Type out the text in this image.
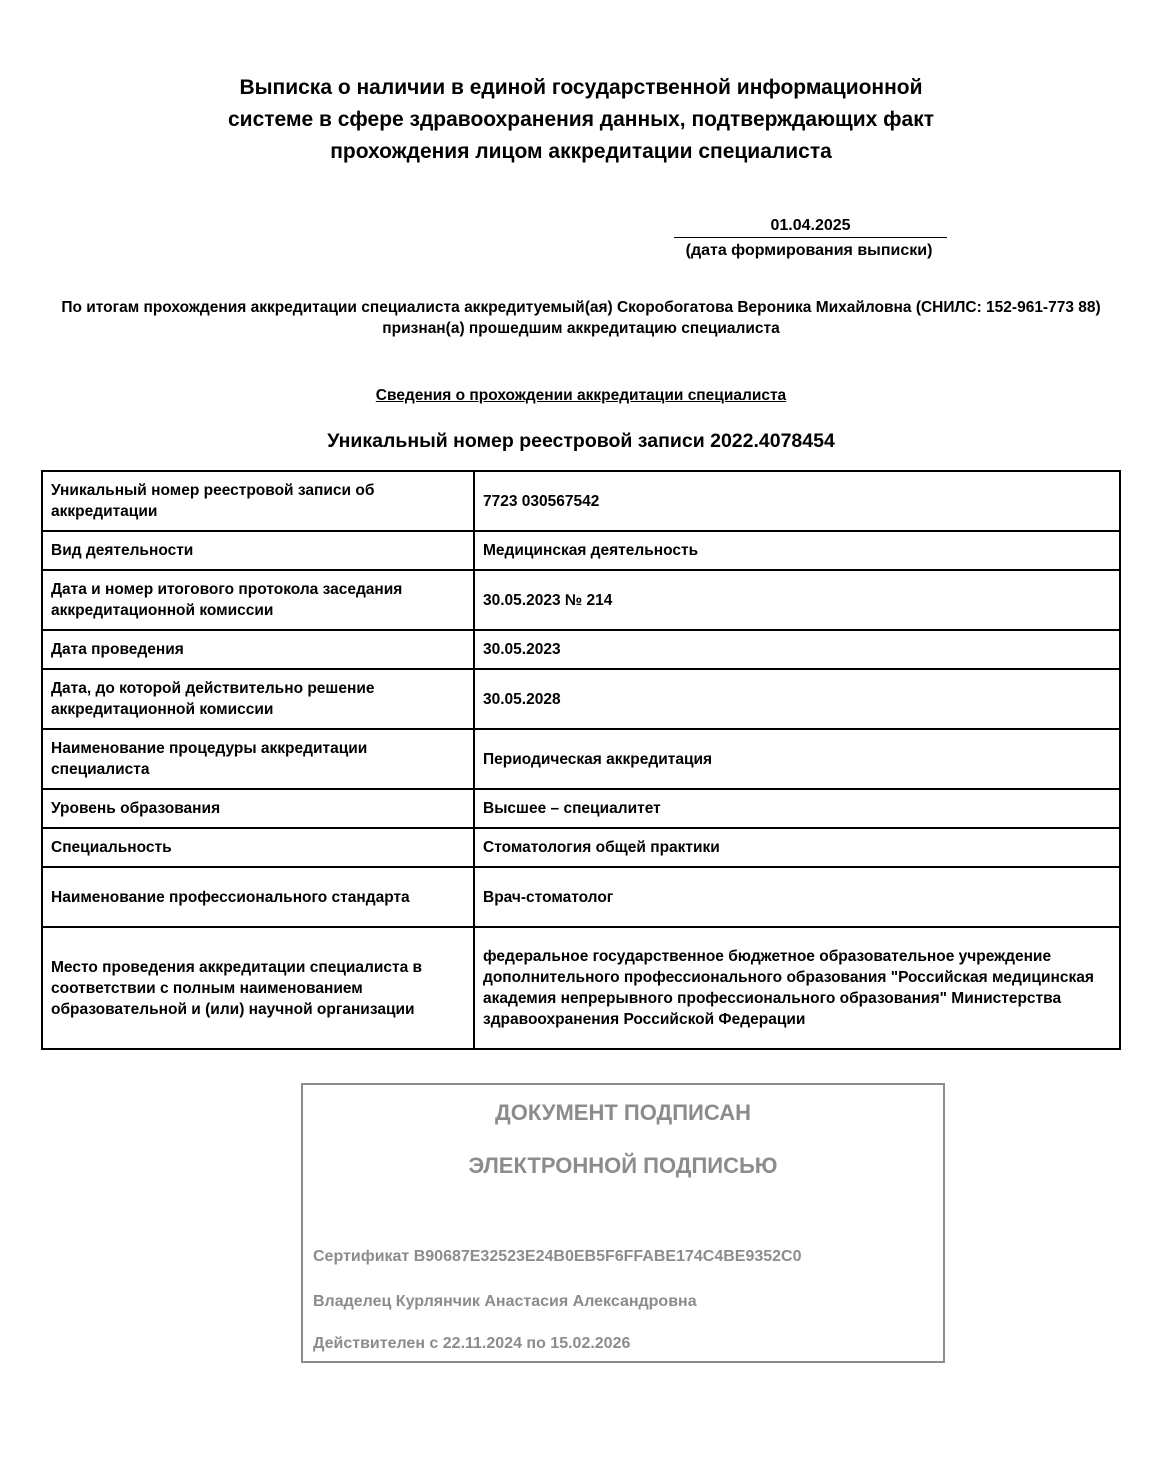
Выписка о наличии в единой государственной информационной
системе в сфере здравоохранения данных, подтверждающих факт
прохождения лицом аккредитации специалиста
01.04.2025
(дата формирования выписки)

По итогам прохождения аккредитации специалиста аккредитуемый(ая) Скоробогатова Вероника Михайловна (СНИЛС: 152-961-773 88) признан(а) прошедшим аккредитацию специалиста

Сведения о прохождении аккредитации специалиста

Уникальный номер реестровой записи 2022.4078454

Уникальный номер реестровой записи об аккредитации	7723 030567542
Вид деятельности	Медицинская деятельность
Дата и номер итогового протокола заседания аккредитационной комиссии	30.05.2023 № 214
Дата проведения	30.05.2023
Дата, до которой действительно решение аккредитационной комиссии	30.05.2028
Наименование процедуры аккредитации специалиста	Периодическая аккредитация
Уровень образования	Высшее – специалитет
Специальность	Стоматология общей практики
Наименование профессионального стандарта	Врач-стоматолог
Место проведения аккредитации специалиста в соответствии с полным наименованием образовательной и (или) научной организации	федеральное государственное бюджетное образовательное учреждение дополнительного профессионального образования "Российская медицинская академия непрерывного профессионального образования" Министерства здравоохранения Российской Федерации
ДОКУМЕНТ ПОДПИСАН
ЭЛЕКТРОННОЙ ПОДПИСЬЮ
Сертификат B90687E32523E24B0EB5F6FFABE174C4BE9352C0
Владелец Курлянчик Анастасия Александровна
Действителен с 22.11.2024 по 15.02.2026
